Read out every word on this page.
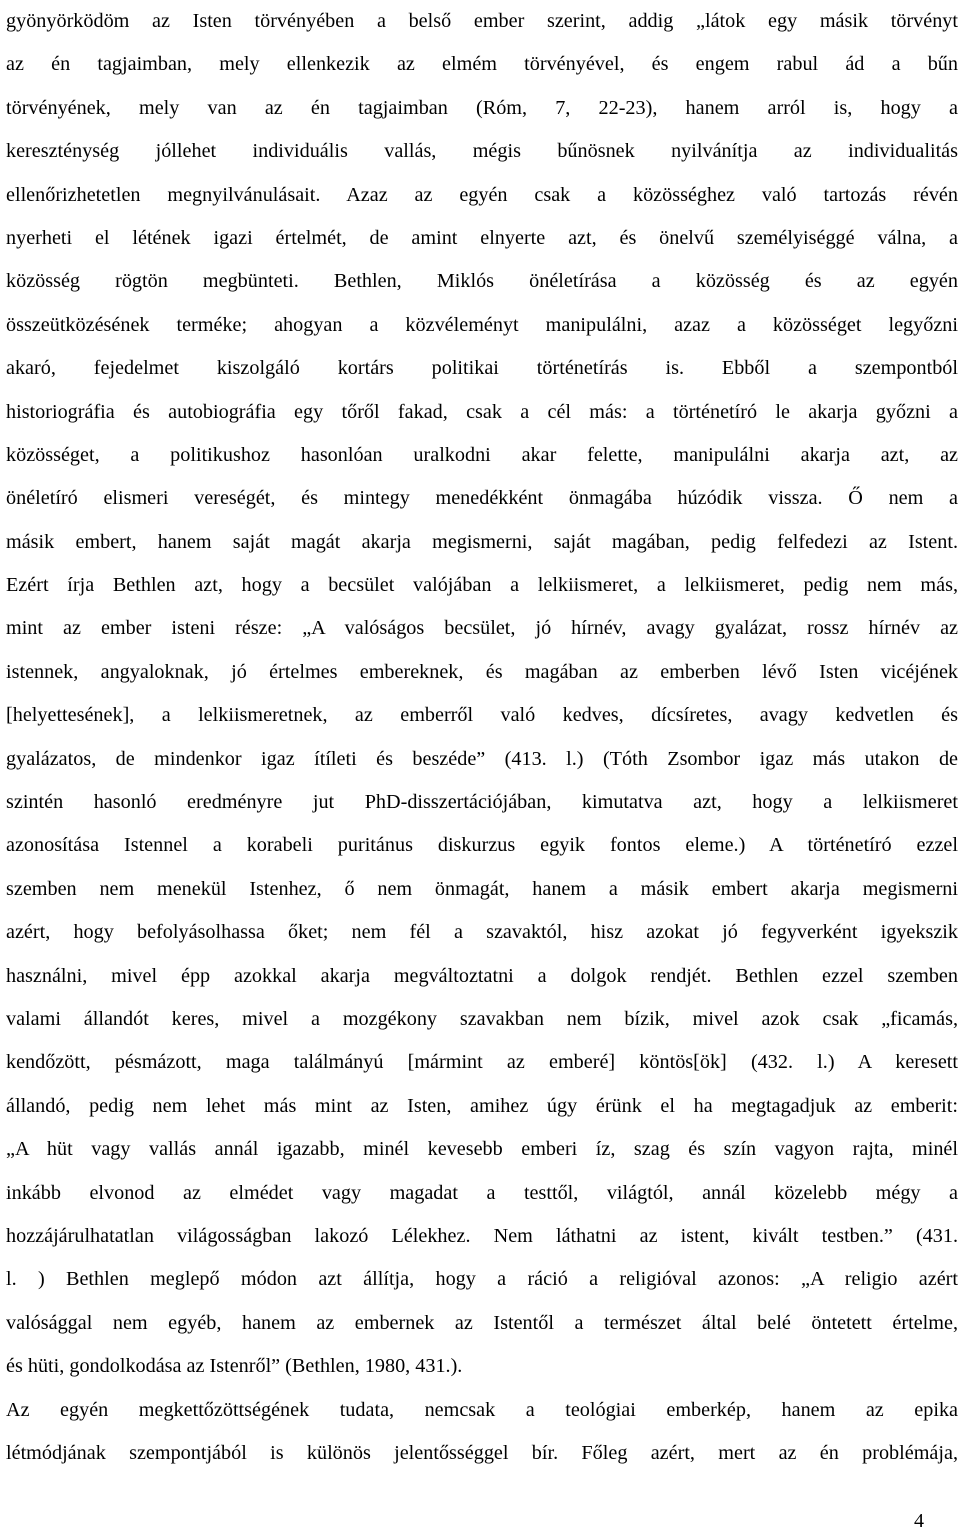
gyönyörködöm az Isten törvényében a belső ember szerint, addig „látok egy másik törvényt
az én tagjaimban, mely ellenkezik az elmém törvényével, és engem rabul ád a bűn
törvényének, mely van az én tagjaimban (Róm, 7, 22-23), hanem arról is, hogy a
kereszténység jóllehet individuális vallás, mégis bűnösnek nyilvánítja az individualitás
ellenőrizhetetlen megnyilvánulásait. Azaz az egyén csak a közösséghez való tartozás révén
nyerheti el létének igazi értelmét, de amint elnyerte azt, és önelvű személyiséggé válna, a
közösség rögtön megbünteti. Bethlen, Miklós önéletírása a közösség és az egyén
összeütközésének terméke; ahogyan a közvéleményt manipulálni, azaz a közösséget legyőzni
akaró, fejedelmet kiszolgáló kortárs politikai történetírás is. Ebből a szempontból
historiográfia és autobiográfia egy tőről fakad, csak a cél más: a történetíró le akarja győzni a
közösséget, a politikushoz hasonlóan uralkodni akar felette, manipulálni akarja azt, az
önéletíró elismeri vereségét, és mintegy menedékként önmagába húzódik vissza. Ő nem a
másik embert, hanem saját magát akarja megismerni, saját magában, pedig felfedezi az Istent.
Ezért írja Bethlen azt, hogy a becsület valójában a lelkiismeret, a lelkiismeret, pedig nem más,
mint az ember isteni része: „A valóságos becsület, jó hírnév, avagy gyalázat, rossz hírnév az
istennek, angyaloknak, jó értelmes embereknek, és magában az emberben lévő Isten vicéjének
[helyettesének], a lelkiismeretnek, az emberről való kedves, dícsíretes, avagy kedvetlen és
gyalázatos, de mindenkor igaz ítíleti és beszéde” (413. l.) (Tóth Zsombor igaz más utakon de
szintén hasonló eredményre jut PhD-disszertációjában, kimutatva azt, hogy a lelkiismeret
azonosítása Istennel a korabeli puritánus diskurzus egyik fontos eleme.) A történetíró ezzel
szemben nem menekül Istenhez, ő nem önmagát, hanem a másik embert akarja megismerni
azért, hogy befolyásolhassa őket; nem fél a szavaktól, hisz azokat jó fegyverként igyekszik
használni, mivel épp azokkal akarja megváltoztatni a dolgok rendjét. Bethlen ezzel szemben
valami állandót keres, mivel a mozgékony szavakban nem bízik, mivel azok csak „ficamás,
kendőzött, pésmázott, maga találmányú [mármint az emberé] köntös[ök] (432. l.) A keresett
állandó, pedig nem lehet más mint az Isten, amihez úgy érünk el ha megtagadjuk az emberit:
„A hüt vagy vallás annál igazabb, minél kevesebb emberi íz, szag és szín vagyon rajta, minél
inkább elvonod az elmédet vagy magadat a testtől, világtól, annál közelebb mégy a
hozzájárulhatatlan világosságban lakozó Lélekhez. Nem láthatni az istent, kivált testben.” (431.
l. ) Bethlen meglepő módon azt állítja, hogy a ráció a religióval azonos: „A religio azért
valósággal nem egyéb, hanem az embernek az Istentől a természet által belé öntetett értelme,
és hüti, gondolkodása az Istenről” (Bethlen, 1980, 431.).
Az egyén megkettőzöttségének tudata, nemcsak a teológiai emberkép, hanem az epika
létmódjának szempontjából is különös jelentősséggel bír. Főleg azért, mert az én problémája,
4
